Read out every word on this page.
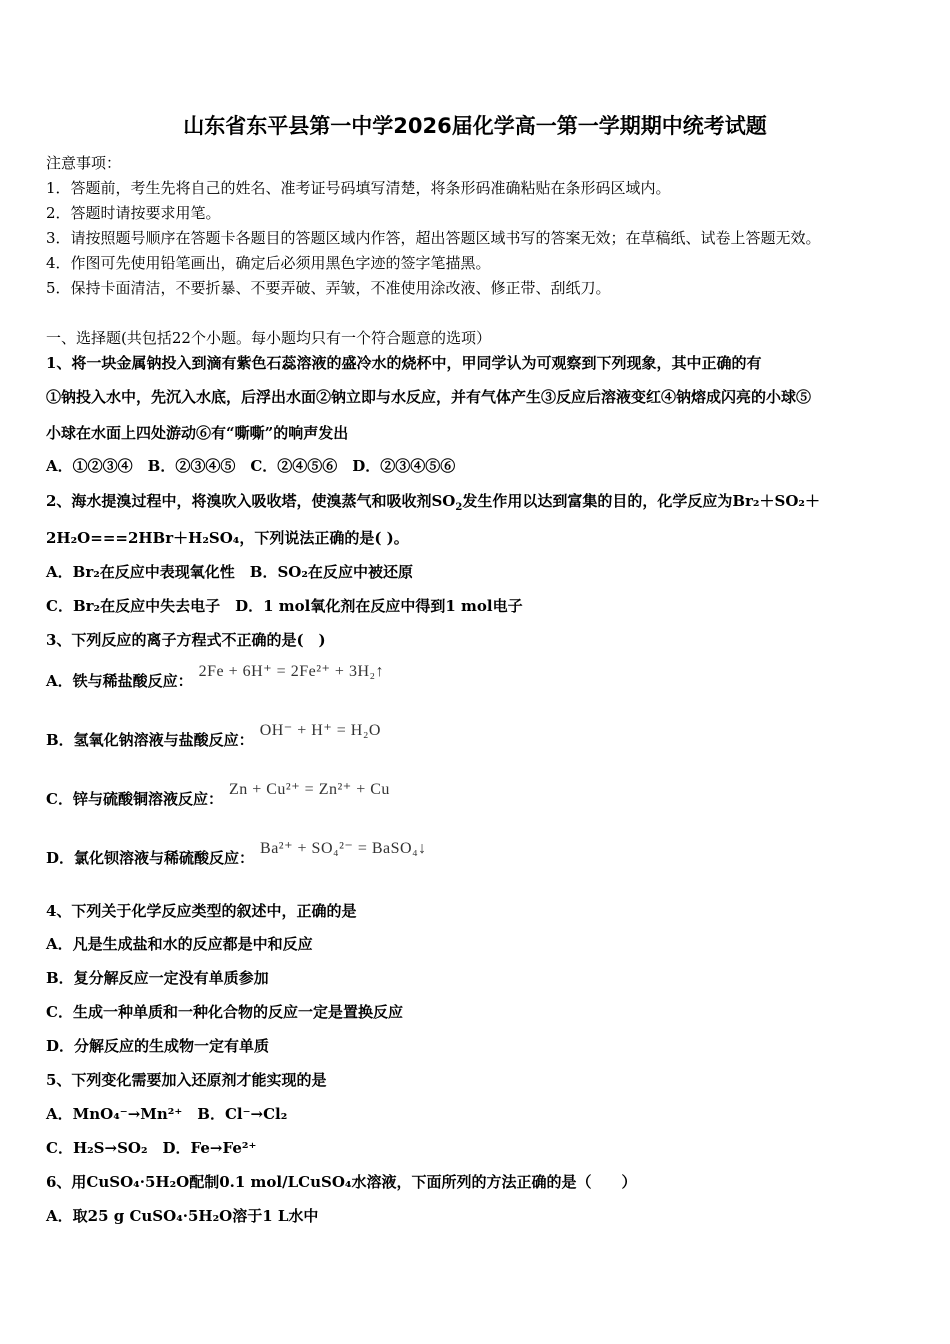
山东省东平县第一中学2026届化学高一第一学期期中统考试题
注意事项：
1．答题前，考生先将自己的姓名、准考证号码填写清楚，将条形码准确粘贴在条形码区域内。
2．答题时请按要求用笔。
3．请按照题号顺序在答题卡各题目的答题区域内作答，超出答题区域书写的答案无效；在草稿纸、试卷上答题无效。
4．作图可先使用铅笔画出，确定后必须用黑色字迹的签字笔描黑。
5．保持卡面清洁，不要折暴、不要弄破、弄皱，不准使用涂改液、修正带、刮纸刀。
一、选择题(共包括22个小题。每小题均只有一个符合题意的选项）
1、将一块金属钠投入到滴有紫色石蕊溶液的盛冷水的烧杯中，甲同学认为可观察到下列现象，其中正确的有
①钠投入水中，先沉入水底，后浮出水面②钠立即与水反应，并有气体产生③反应后溶液变红④钠熔成闪亮的小球⑤
小球在水面上四处游动⑥有“嘶嘶”的响声发出
A．①②③④　B．②③④⑤　C．②④⑤⑥　D．②③④⑤⑥
2、海水提溴过程中，将溴吹入吸收塔，使溴蒸气和吸收剂$SO_2$发生作用以达到富集的目的，化学反应为Br₂＋SO₂＋
2H₂O===2HBr＋H₂SO₄，下列说法正确的是( )。
A．Br₂在反应中表现氧化性　B．SO₂在反应中被还原
C．Br₂在反应中失去电子　D．1 mol氧化剂在反应中得到1 mol电子
3、下列反应的离子方程式不正确的是(　)
A．铁与稀盐酸反应：2Fe + 6H⁺ = 2Fe²⁺ + 3H₂↑
B．氢氧化钠溶液与盐酸反应：OH⁻ + H⁺ = H₂O
C．锌与硫酸铜溶液反应：Zn + Cu²⁺ = Zn²⁺ + Cu
D．氯化钡溶液与稀硫酸反应：Ba²⁺ + SO₄²⁻ = BaSO₄↓
4、下列关于化学反应类型的叙述中，正确的是
A．凡是生成盐和水的反应都是中和反应
B．复分解反应一定没有单质参加
C．生成一种单质和一种化合物的反应一定是置换反应
D．分解反应的生成物一定有单质
5、下列变化需要加入还原剂才能实现的是
A．MnO₄⁻→Mn²⁺　B．Cl⁻→Cl₂
C．H₂S→SO₂　D．Fe→Fe²⁺
6、用CuSO₄·5H₂O配制0.1 mol/LCuSO₄水溶液，下面所列的方法正确的是（　　）
A．取25 g CuSO₄·5H₂O溶于1 L水中
